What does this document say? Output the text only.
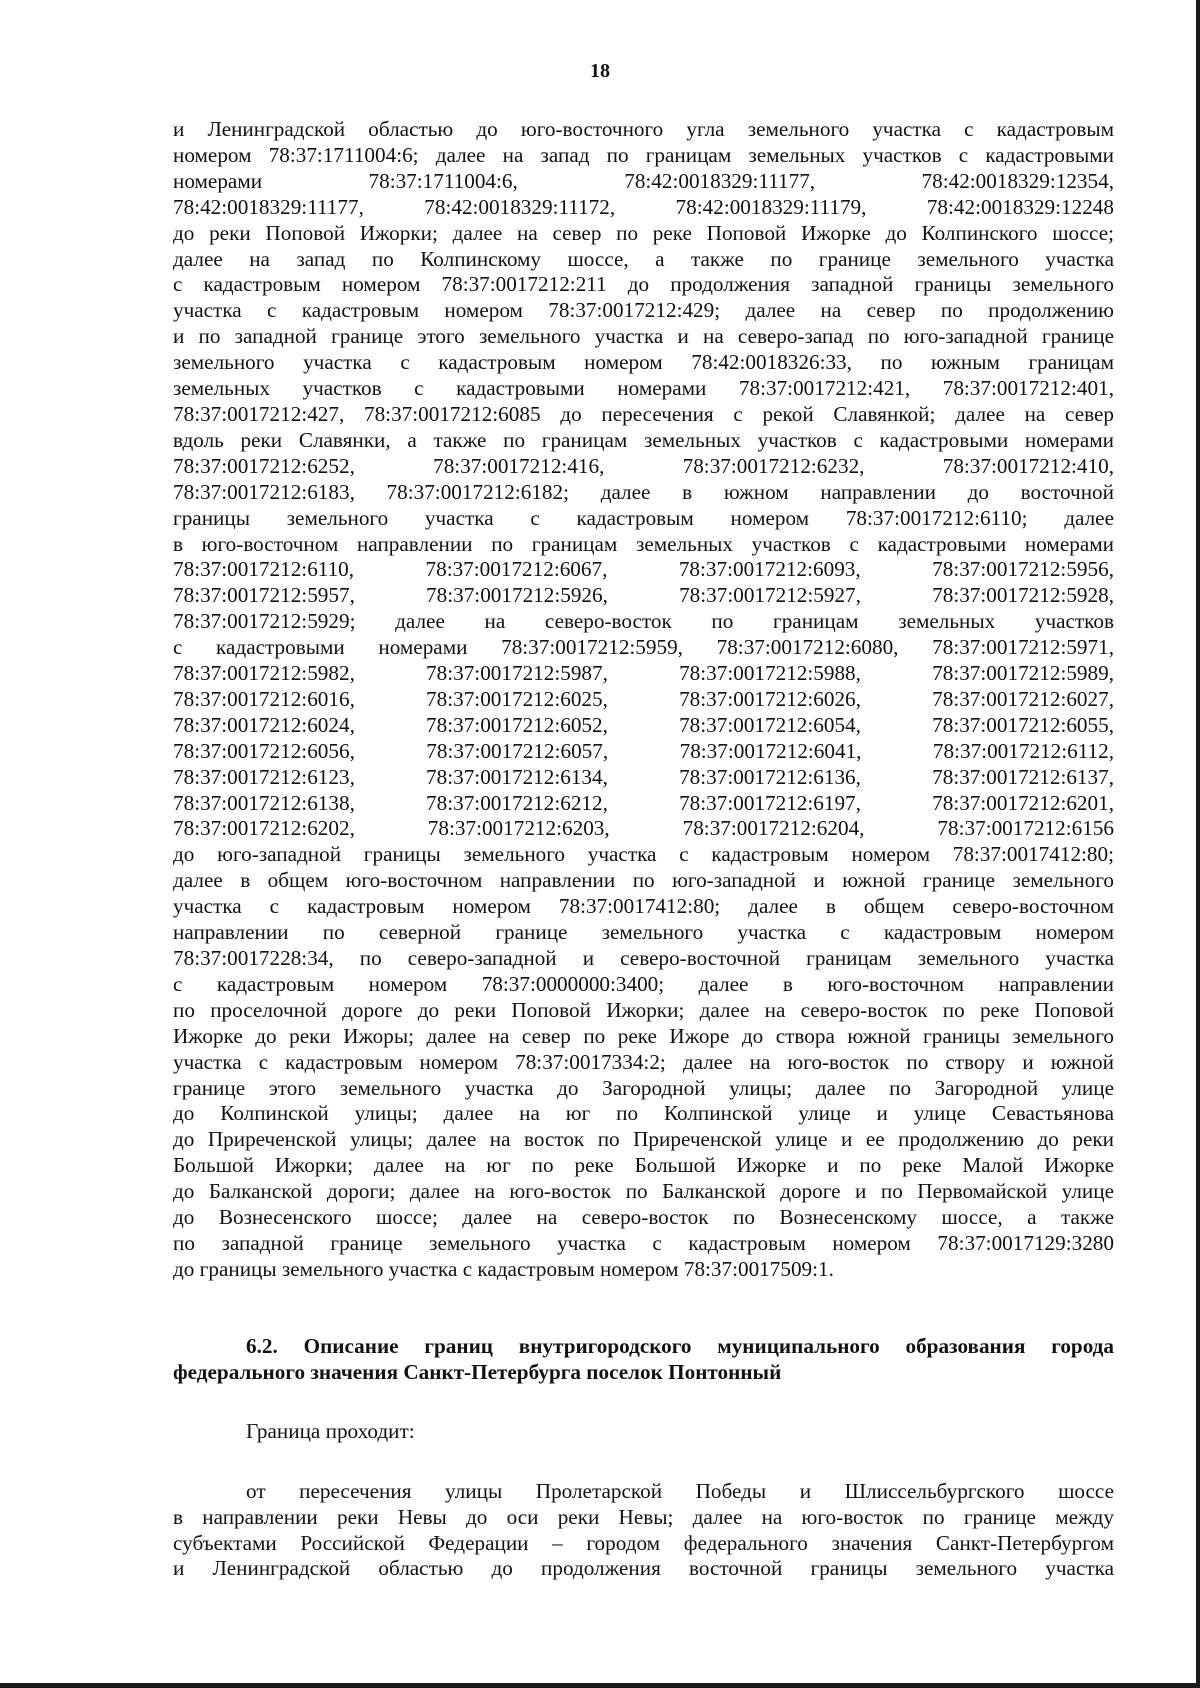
18
и Ленинградской областью до юго-восточного угла земельного участка с кадастровым
номером 78:37:1711004:6; далее на запад по границам земельных участков с кадастровыми
номерами 78:37:1711004:6, 78:42:0018329:11177, 78:42:0018329:12354,
78:42:0018329:11177, 78:42:0018329:11172, 78:42:0018329:11179, 78:42:0018329:12248
до реки Поповой Ижорки; далее на север по реке Поповой Ижорке до Колпинского шоссе;
далее на запад по Колпинскому шоссе, а также по границе земельного участка
с кадастровым номером 78:37:0017212:211 до продолжения западной границы земельного
участка с кадастровым номером 78:37:0017212:429; далее на север по продолжению
и по западной границе этого земельного участка и на северо-запад по юго-западной границе
земельного участка с кадастровым номером 78:42:0018326:33, по южным границам
земельных участков с кадастровыми номерами 78:37:0017212:421, 78:37:0017212:401,
78:37:0017212:427, 78:37:0017212:6085 до пересечения с рекой Славянкой; далее на север
вдоль реки Славянки, а также по границам земельных участков с кадастровыми номерами
78:37:0017212:6252, 78:37:0017212:416, 78:37:0017212:6232, 78:37:0017212:410,
78:37:0017212:6183, 78:37:0017212:6182; далее в южном направлении до восточной
границы земельного участка с кадастровым номером 78:37:0017212:6110; далее
в юго-восточном направлении по границам земельных участков с кадастровыми номерами
78:37:0017212:6110, 78:37:0017212:6067, 78:37:0017212:6093, 78:37:0017212:5956,
78:37:0017212:5957, 78:37:0017212:5926, 78:37:0017212:5927, 78:37:0017212:5928,
78:37:0017212:5929; далее на северо-восток по границам земельных участков
с кадастровыми номерами 78:37:0017212:5959, 78:37:0017212:6080, 78:37:0017212:5971,
78:37:0017212:5982, 78:37:0017212:5987, 78:37:0017212:5988, 78:37:0017212:5989,
78:37:0017212:6016, 78:37:0017212:6025, 78:37:0017212:6026, 78:37:0017212:6027,
78:37:0017212:6024, 78:37:0017212:6052, 78:37:0017212:6054, 78:37:0017212:6055,
78:37:0017212:6056, 78:37:0017212:6057, 78:37:0017212:6041, 78:37:0017212:6112,
78:37:0017212:6123, 78:37:0017212:6134, 78:37:0017212:6136, 78:37:0017212:6137,
78:37:0017212:6138, 78:37:0017212:6212, 78:37:0017212:6197, 78:37:0017212:6201,
78:37:0017212:6202, 78:37:0017212:6203, 78:37:0017212:6204, 78:37:0017212:6156
до юго-западной границы земельного участка с кадастровым номером 78:37:0017412:80;
далее в общем юго-восточном направлении по юго-западной и южной границе земельного
участка с кадастровым номером 78:37:0017412:80; далее в общем северо-восточном
направлении по северной границе земельного участка с кадастровым номером
78:37:0017228:34, по северо-западной и северо-восточной границам земельного участка
с кадастровым номером 78:37:0000000:3400; далее в юго-восточном направлении
по проселочной дороге до реки Поповой Ижорки; далее на северо-восток по реке Поповой
Ижорке до реки Ижоры; далее на север по реке Ижоре до створа южной границы земельного
участка с кадастровым номером 78:37:0017334:2; далее на юго-восток по створу и южной
границе этого земельного участка до Загородной улицы; далее по Загородной улице
до Колпинской улицы; далее на юг по Колпинской улице и улице Севастьянова
до Приреченской улицы; далее на восток по Приреченской улице и ее продолжению до реки
Большой Ижорки; далее на юг по реке Большой Ижорке и по реке Малой Ижорке
до Балканской дороги; далее на юго-восток по Балканской дороге и по Первомайской улице
до Вознесенского шоссе; далее на северо-восток по Вознесенскому шоссе, а также
по западной границе земельного участка с кадастровым номером 78:37:0017129:3280
до границы земельного участка с кадастровым номером 78:37:0017509:1.
6.2. Описание границ внутригородского муниципального образования города федерального значения Санкт-Петербурга поселок Понтонный
Граница проходит:
от пересечения улицы Пролетарской Победы и Шлиссельбургского шоссе
в направлении реки Невы до оси реки Невы; далее на юго-восток по границе между
субъектами Российской Федерации – городом федерального значения Санкт-Петербургом
и Ленинградской областью до продолжения восточной границы земельного участка
